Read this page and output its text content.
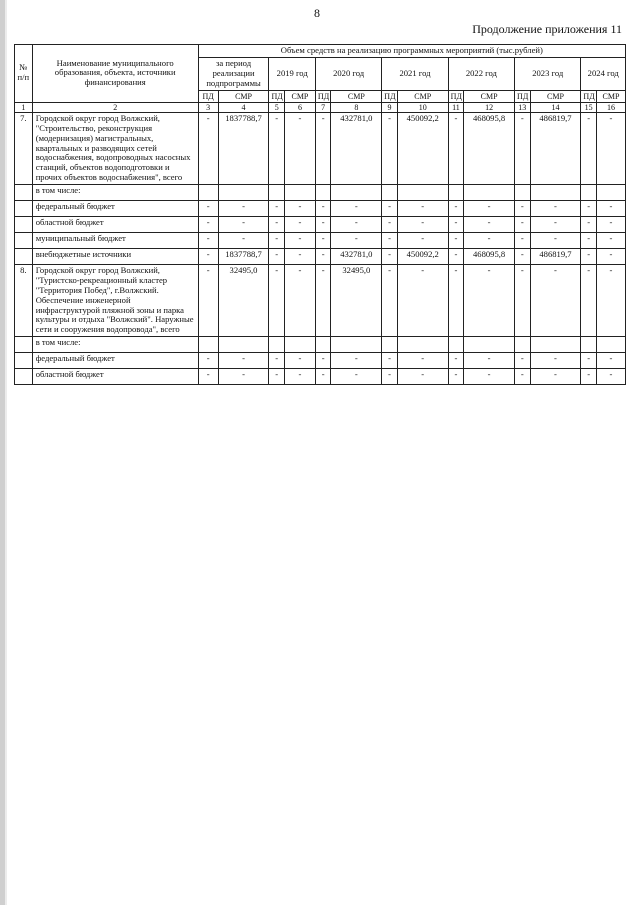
8
Продолжение приложения 11
№ п/п	Наименование муниципального образования, объекта, источники финансирования	Объем средств на реализацию программных мероприятий (тыс.рублей)													
		за период реализации подпрограммы		2019 год		2020 год		2021 год		2022 год		2023 год		2024 год	
		ПД	СМР	ПД	СМР	ПД	СМР	ПД	СМР	ПД	СМР	ПД	СМР	ПД	СМР
1	2	3	4	5	6	7	8	9	10	11	12	13	14	15	16
7.	Городской округ город Волжский, "Строительство, реконструкция (модернизация) магистральных, квартальных и разводящих сетей водоснабжения, водопроводных насосных станций, объектов водоподготовки и прочих объектов водоснабжения", всего	-	1837788,7	-	-	-	432781,0	-	450092,2	-	468095,8	-	486819,7	-	-
	в том числе:														
	федеральный бюджет	-	-	-	-	-	-	-	-	-	-	-	-	-	-
	областной бюджет	-	-	-	-	-	-	-	-	-	-	-	-	-	-
	муниципальный бюджет	-	-	-	-	-	-	-	-	-	-	-	-	-	-
	внебюджетные источники	-	1837788,7	-	-	-	432781,0	-	450092,2	-	468095,8	-	486819,7	-	-
8.	Городской округ город Волжский, "Туристско-рекреационный кластер "Территория Побед", г.Волжский. Обеспечение инженерной инфраструктурой пляжной зоны и парка культуры и отдыха "Волжский". Наружные сети и сооружения водопровода", всего	-	32495,0	-	-	-	32495,0	-	-	-	-	-	-	-	-
	в том числе:														
	федеральный бюджет	-	-	-	-	-	-	-	-	-	-	-	-	-	-
	областной бюджет	-	-	-	-	-	-	-	-	-	-	-	-	-	-
